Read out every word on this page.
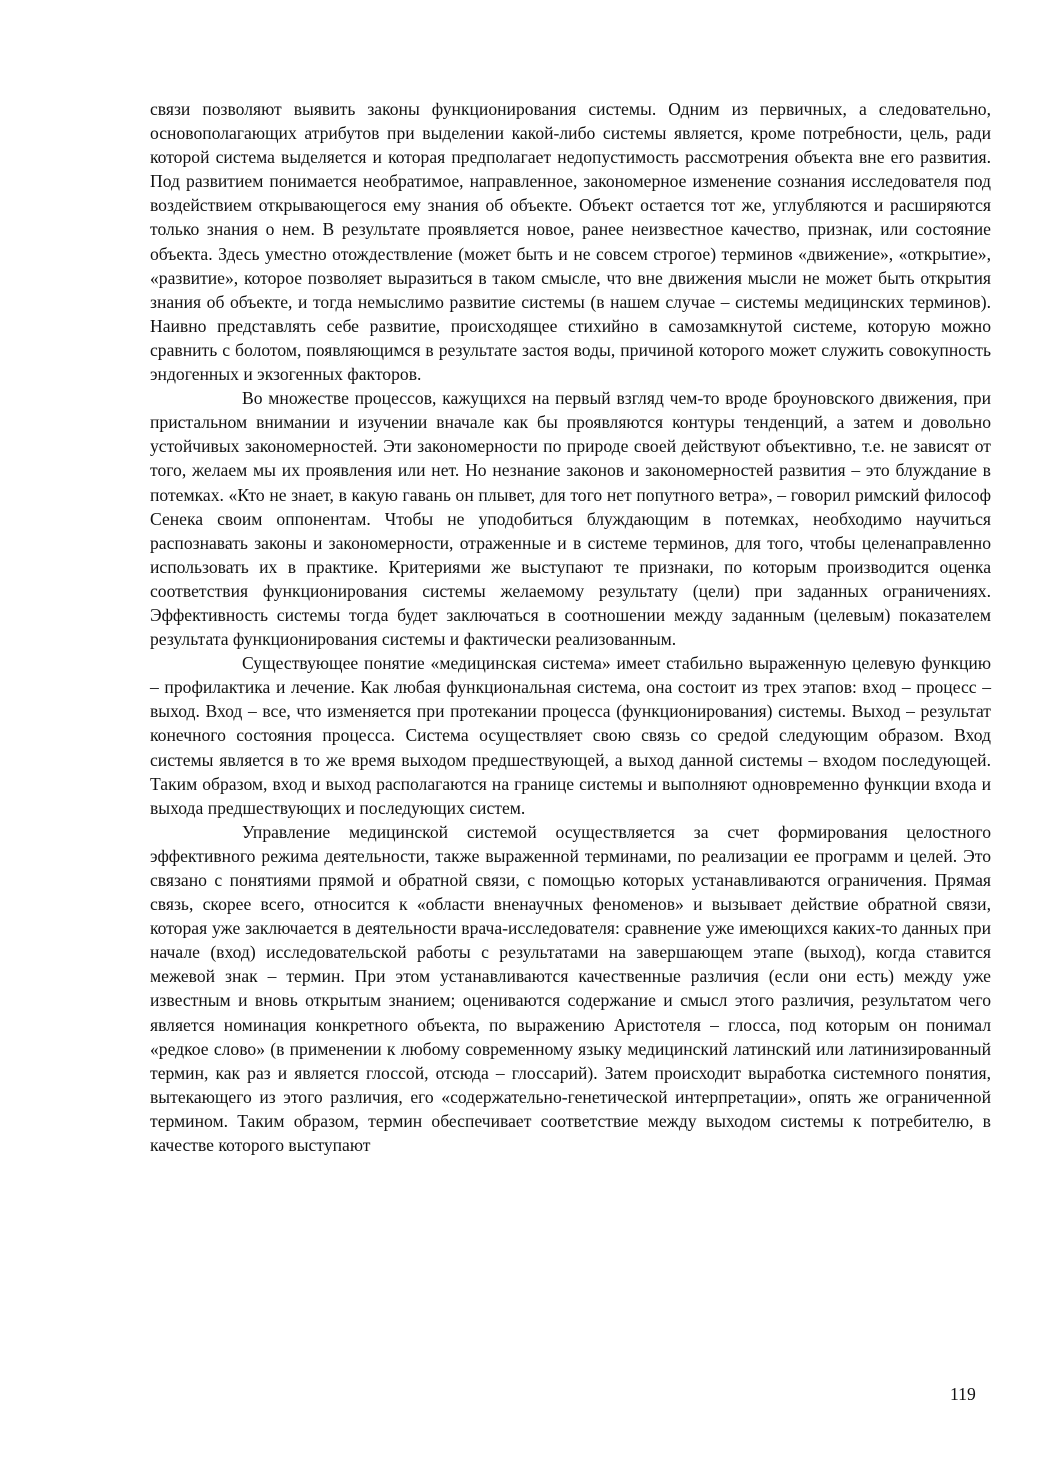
связи позволяют выявить законы функционирования системы. Одним из первичных, а следовательно, основополагающих атрибутов при выделении какой-либо системы является, кроме потребности, цель, ради которой система выделяется и которая предполагает недопустимость рассмотрения объекта вне его развития. Под развитием понимается необратимое, направленное, закономерное изменение сознания исследователя под воздействием открывающегося ему знания об объекте. Объект остается тот же, углубляются и расширяются только знания о нем. В результате проявляется новое, ранее неизвестное качество, признак, или состояние объекта. Здесь уместно отождествление (может быть и не совсем строгое) терминов «движение», «открытие», «развитие», которое позволяет выразиться в таком смысле, что вне движения мысли не может быть открытия знания об объекте, и тогда немыслимо развитие системы (в нашем случае – системы медицинских терминов). Наивно представлять себе развитие, происходящее стихийно в самозамкнутой системе, которую можно сравнить с болотом, появляющимся в результате застоя воды, причиной которого может служить совокупность эндогенных и экзогенных факторов.

Во множестве процессов, кажущихся на первый взгляд чем-то вроде броуновского движения, при пристальном внимании и изучении вначале как бы проявляются контуры тенденций, а затем и довольно устойчивых закономерностей. Эти закономерности по природе своей действуют объективно, т.е. не зависят от того, желаем мы их проявления или нет. Но незнание законов и закономерностей развития – это блуждание в потемках. «Кто не знает, в какую гавань он плывет, для того нет попутного ветра», – говорил римский философ Сенека своим оппонентам. Чтобы не уподобиться блуждающим в потемках, необходимо научиться распознавать законы и закономерности, отраженные и в системе терминов, для того, чтобы целенаправленно использовать их в практике. Критериями же выступают те признаки, по которым производится оценка соответствия функционирования системы желаемому результату (цели) при заданных ограничениях. Эффективность системы тогда будет заключаться в соотношении между заданным (целевым) показателем результата функционирования системы и фактически реализованным.

Существующее понятие «медицинская система» имеет стабильно выраженную целевую функцию – профилактика и лечение. Как любая функциональная система, она состоит из трех этапов: вход – процесс – выход. Вход – все, что изменяется при протекании процесса (функционирования) системы. Выход – результат конечного состояния процесса. Система осуществляет свою связь со средой следующим образом. Вход системы является в то же время выходом предшествующей, а выход данной системы – входом последующей. Таким образом, вход и выход располагаются на границе системы и выполняют одновременно функции входа и выхода предшествующих и последующих систем.

Управление медицинской системой осуществляется за счет формирования целостного эффективного режима деятельности, также выраженной терминами, по реализации ее программ и целей. Это связано с понятиями прямой и обратной связи, с помощью которых устанавливаются ограничения. Прямая связь, скорее всего, относится к «области вненаучных феноменов» и вызывает действие обратной связи, которая уже заключается в деятельности врача-исследователя: сравнение уже имеющихся каких-то данных при начале (вход) исследовательской работы с результатами на завершающем этапе (выход), когда ставится межевой знак – термин. При этом устанавливаются качественные различия (если они есть) между уже известным и вновь открытым знанием; оцениваются содержание и смысл этого различия, результатом чего является номинация конкретного объекта, по выражению Аристотеля – глосса, под которым он понимал «редкое слово» (в применении к любому современному языку медицинский латинский или латинизированный термин, как раз и является глоссой, отсюда – глоссарий). Затем происходит выработка системного понятия, вытекающего из этого различия, его «содержательно-генетической интерпретации», опять же ограниченной термином. Таким образом, термин обеспечивает соответствие между выходом системы к потребителю, в качестве которого выступают

119
